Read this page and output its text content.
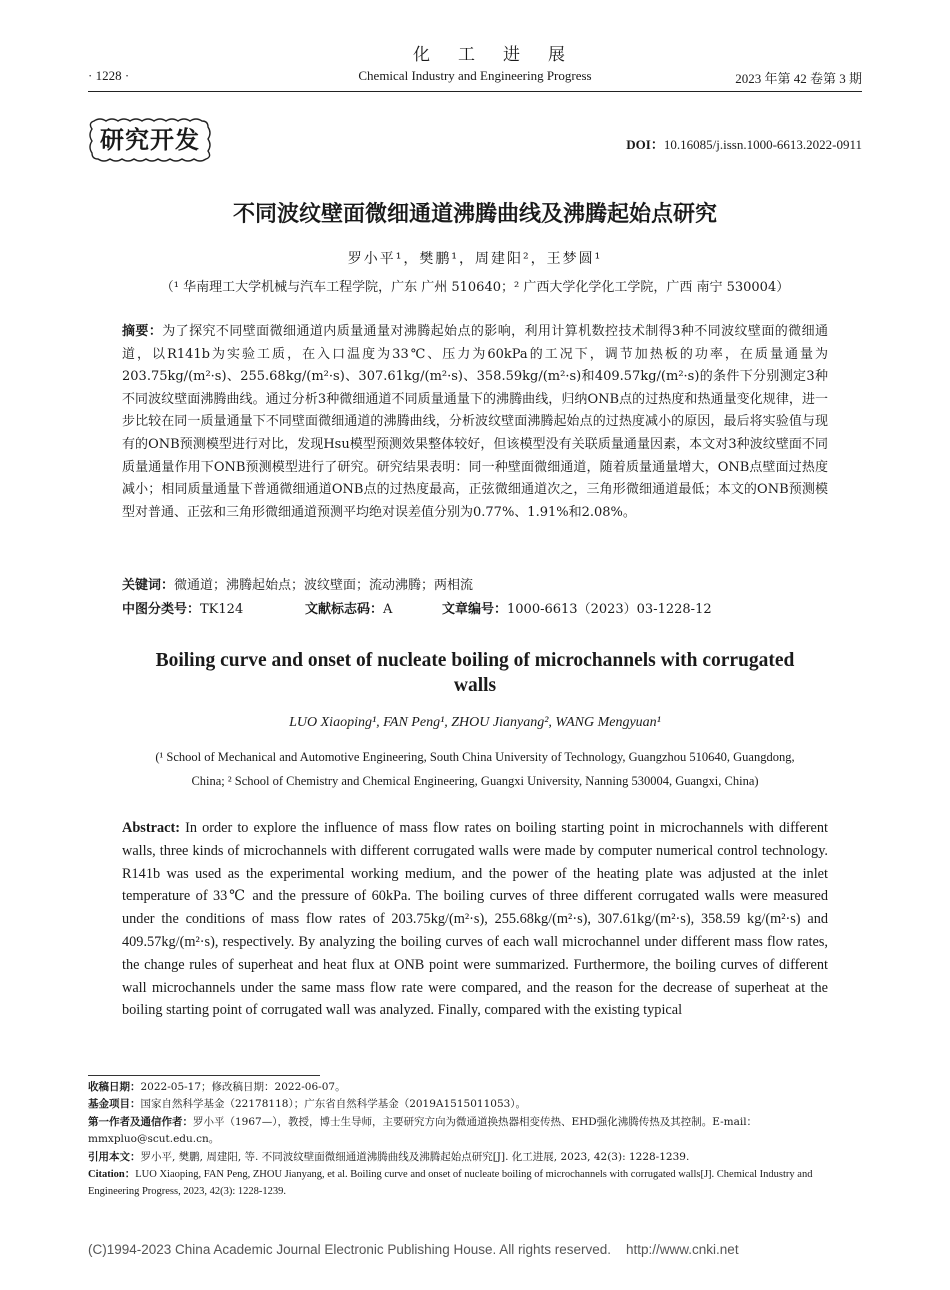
化工进展
· 1228 ·	Chemical Industry and Engineering Progress	2023 年第 42 卷第 3 期
研究开发	DOI：10.16085/j.issn.1000-6613.2022-0911
不同波纹壁面微细通道沸腾曲线及沸腾起始点研究
罗小平¹，樊鹏¹，周建阳²，王梦圆¹
（¹ 华南理工大学机械与汽车工程学院，广东 广州 510640；² 广西大学化学化工学院，广西 南宁 530004）
摘要：为了探究不同壁面微细通道内质量通量对沸腾起始点的影响，利用计算机数控技术制得3种不同波纹壁面的微细通道，以R141b为实验工质，在入口温度为33℃、压力为60kPa的工况下，调节加热板的功率，在质量通量为203.75kg/(m²·s)、255.68kg/(m²·s)、307.61kg/(m²·s)、358.59kg/(m²·s)和409.57kg/(m²·s)的条件下分别测定3种不同波纹壁面沸腾曲线。通过分析3种微细通道不同质量通量下的沸腾曲线，归纳ONB点的过热度和热通量变化规律，进一步比较在同一质量通量下不同壁面微细通道的沸腾曲线，分析波纹壁面沸腾起始点的过热度减小的原因，最后将实验值与现有的ONB预测模型进行对比，发现Hsu模型预测效果整体较好，但该模型没有关联质量通量因素，本文对3种波纹壁面不同质量通量作用下ONB预测模型进行了研究。研究结果表明：同一种壁面微细通道，随着质量通量增大，ONB点壁面过热度减小；相同质量通量下普通微细通道ONB点的过热度最高，正弦微细通道次之，三角形微细通道最低；本文的ONB预测模型对普通、正弦和三角形微细通道预测平均绝对误差值分别为0.77%、1.91%和2.08%。
关键词：微通道；沸腾起始点；波纹壁面；流动沸腾；两相流
中图分类号：TK124	文献标志码：A	文章编号：1000-6613（2023）03-1228-12
Boiling curve and onset of nucleate boiling of microchannels with corrugated walls
LUO Xiaoping¹, FAN Peng¹, ZHOU Jianyang², WANG Mengyuan¹
(¹ School of Mechanical and Automotive Engineering, South China University of Technology, Guangzhou 510640, Guangdong, China; ² School of Chemistry and Chemical Engineering, Guangxi University, Nanning 530004, Guangxi, China)
Abstract: In order to explore the influence of mass flow rates on boiling starting point in microchannels with different walls, three kinds of microchannels with different corrugated walls were made by computer numerical control technology. R141b was used as the experimental working medium, and the power of the heating plate was adjusted at the inlet temperature of 33℃ and the pressure of 60kPa. The boiling curves of three different corrugated walls were measured under the conditions of mass flow rates of 203.75kg/(m²·s), 255.68kg/(m²·s), 307.61kg/(m²·s), 358.59 kg/(m²·s) and 409.57kg/(m²·s), respectively. By analyzing the boiling curves of each wall microchannel under different mass flow rates, the change rules of superheat and heat flux at ONB point were summarized. Furthermore, the boiling curves of different wall microchannels under the same mass flow rate were compared, and the reason for the decrease of superheat at the boiling starting point of corrugated wall was analyzed. Finally, compared with the existing typical

收稿日期：2022-05-17；修改稿日期：2022-06-07。

基金项目：国家自然科学基金（22178118）；广东省自然科学基金（2019A1515011053）。

第一作者及通信作者：罗小平（1967—），教授，博士生导师，主要研究方向为微通道换热器相变传热、EHD强化沸腾传热及其控制。E-mail：mmxpluo@scut.edu.cn。

引用本文：罗小平, 樊鹏, 周建阳, 等. 不同波纹壁面微细通道沸腾曲线及沸腾起始点研究[J]. 化工进展, 2023, 42(3): 1228-1239.

Citation：LUO Xiaoping, FAN Peng, ZHOU Jianyang, et al. Boiling curve and onset of nucleate boiling of microchannels with corrugated walls[J]. Chemical Industry and Engineering Progress, 2023, 42(3): 1228-1239.

(C)1994-2023 China Academic Journal Electronic Publishing House. All rights reserved.    http://www.cnki.net
